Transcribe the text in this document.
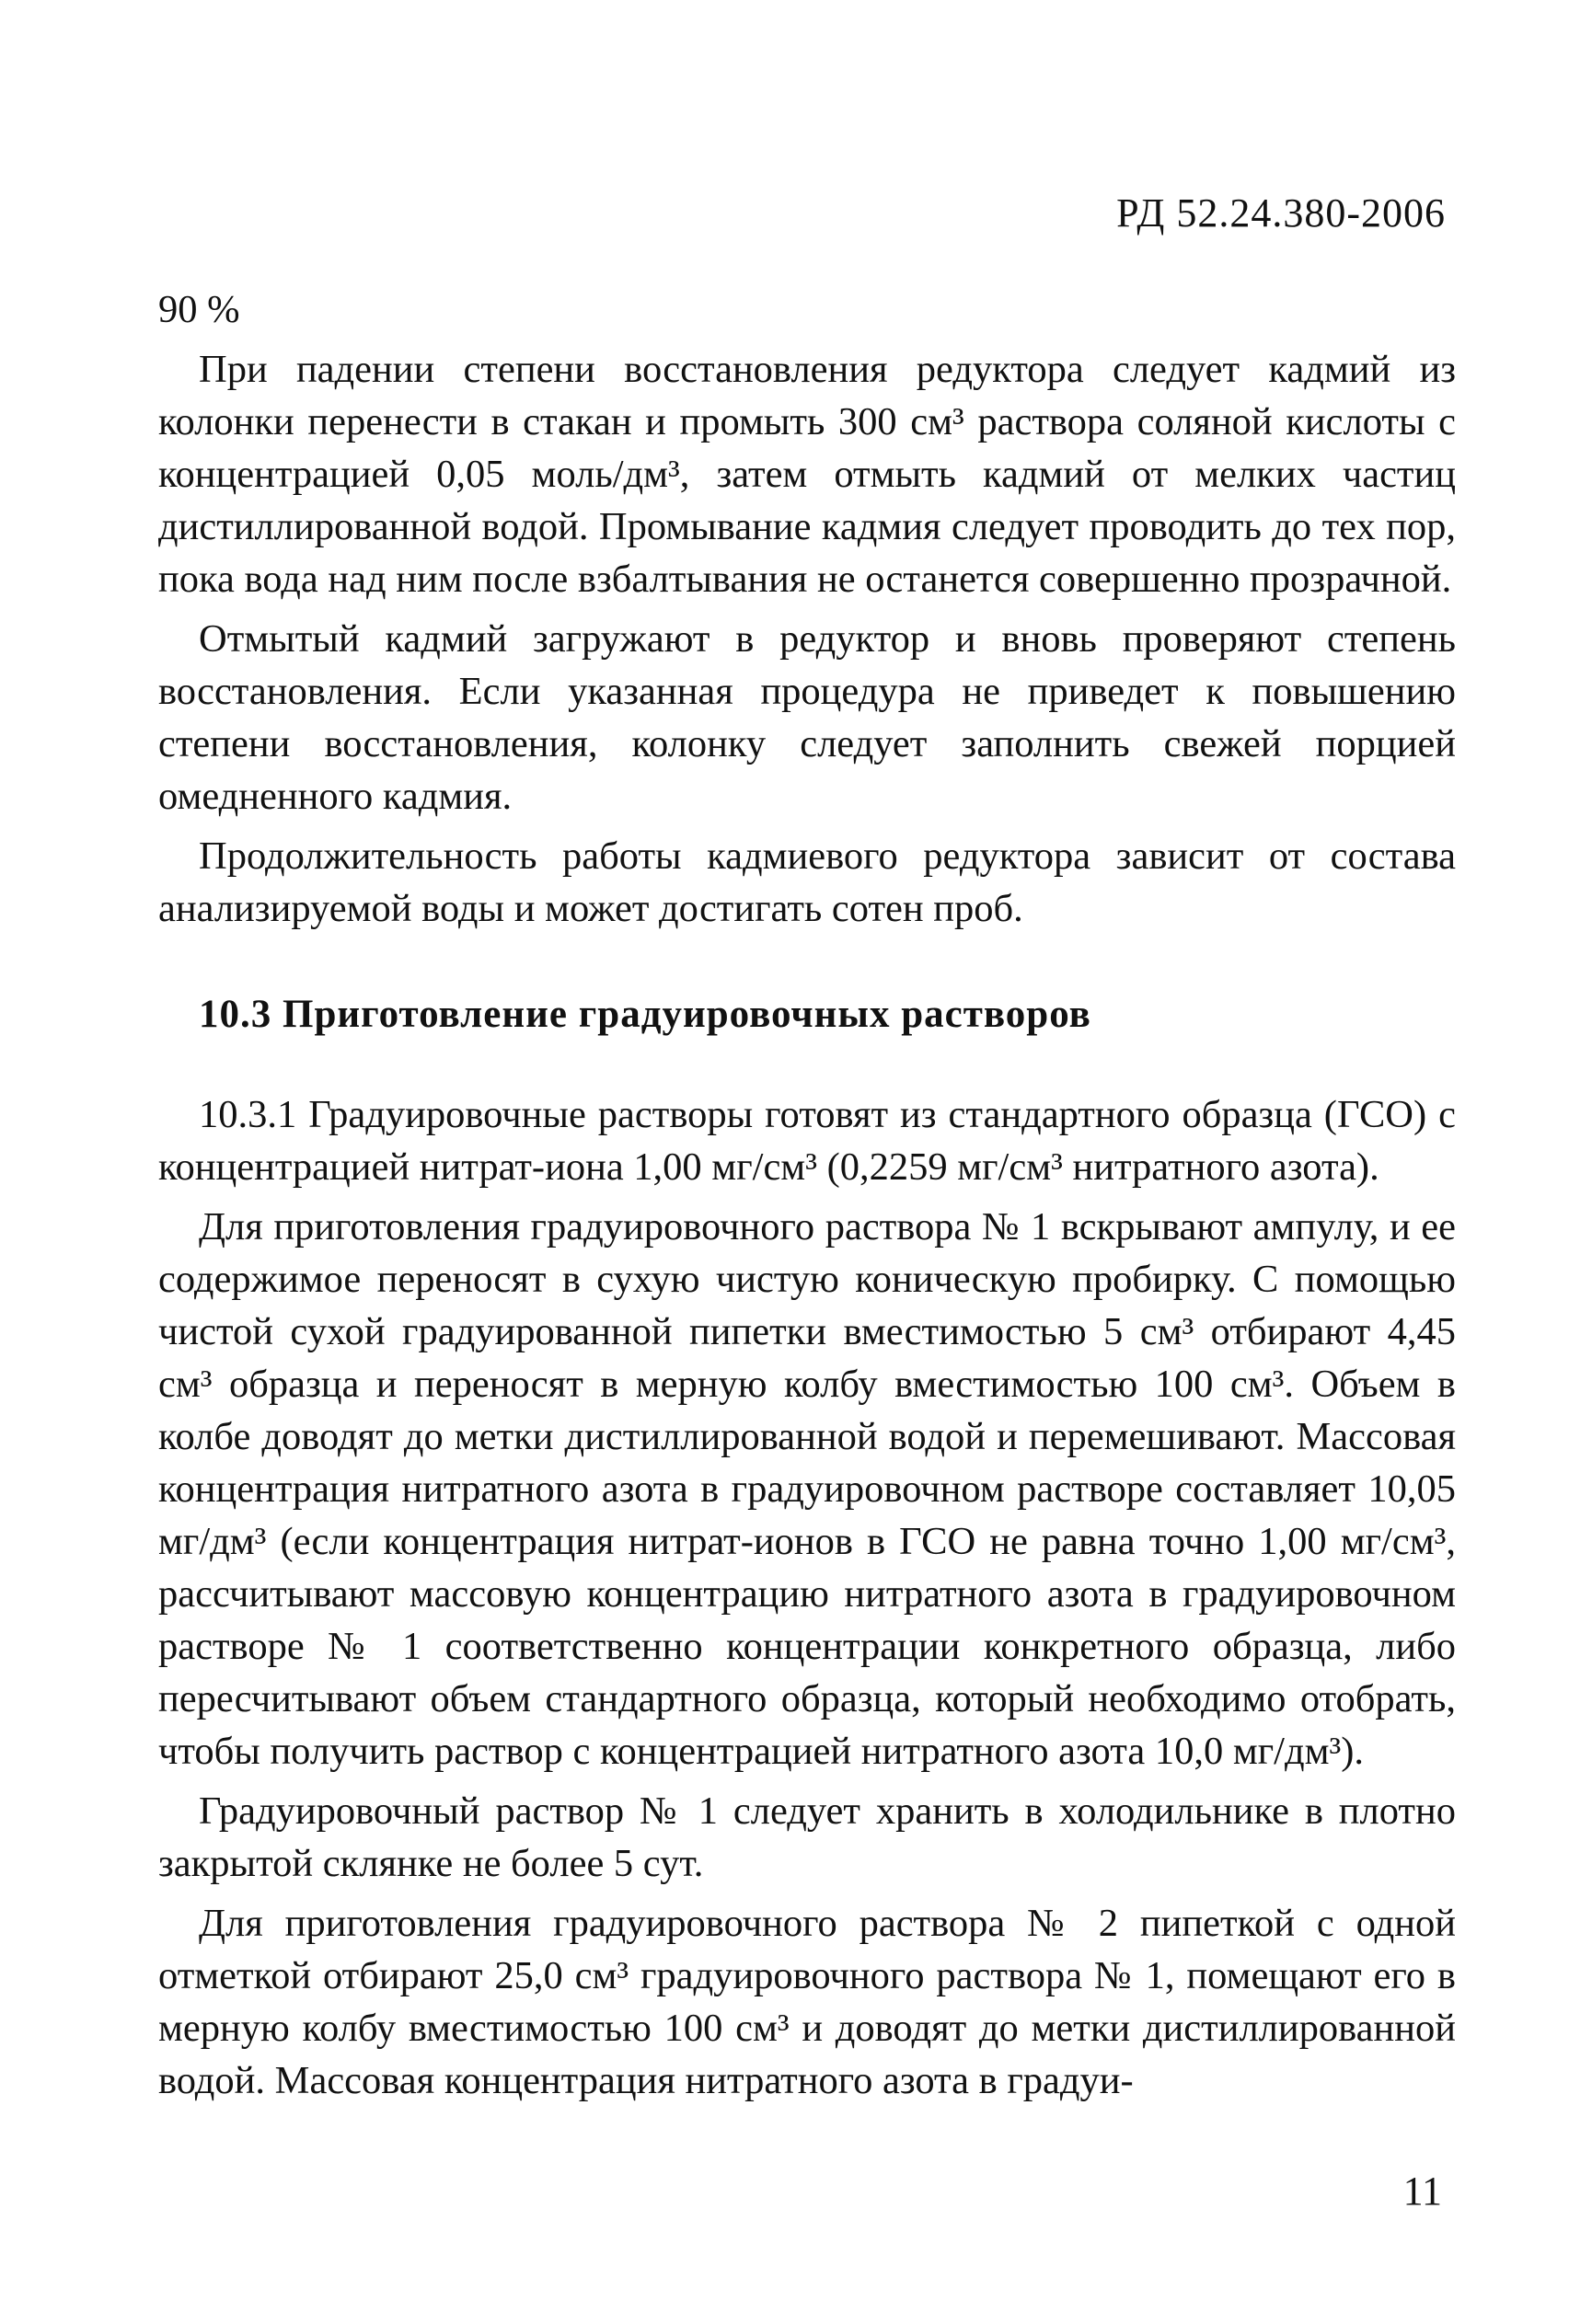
РД 52.24.380-2006

90 %

При падении степени восстановления редуктора следует кадмий из колонки перенести в стакан и промыть 300 см³ раствора соляной кислоты с концентрацией 0,05 моль/дм³, затем отмыть кадмий от мелких частиц дистиллированной водой. Промывание кадмия следует проводить до тех пор, пока вода над ним после взбалтывания не останется совершенно прозрачной.

Отмытый кадмий загружают в редуктор и вновь проверяют степень восстановления. Если указанная процедура не приведет к повышению степени восстановления, колонку следует заполнить свежей порцией омедненного кадмия.

Продолжительность работы кадмиевого редуктора зависит от состава анализируемой воды и может достигать сотен проб.

10.3 Приготовление градуировочных растворов

10.3.1 Градуировочные растворы готовят из стандартного образца (ГСО) с концентрацией нитрат-иона 1,00 мг/см³ (0,2259 мг/см³ нитратного азота).

Для приготовления градуировочного раствора № 1 вскрывают ампулу, и ее содержимое переносят в сухую чистую коническую пробирку. С помощью чистой сухой градуированной пипетки вместимостью 5 см³ отбирают 4,45 см³ образца и переносят в мерную колбу вместимостью 100 см³. Объем в колбе доводят до метки дистиллированной водой и перемешивают. Массовая концентрация нитратного азота в градуировочном растворе составляет 10,05 мг/дм³ (если концентрация нитрат-ионов в ГСО не равна точно 1,00 мг/см³, рассчитывают массовую концентрацию нитратного азота в градуировочном растворе № 1 соответственно концентрации конкретного образца, либо пересчитывают объем стандартного образца, который необходимо отобрать, чтобы получить раствор с концентрацией нитратного азота 10,0 мг/дм³).

Градуировочный раствор № 1 следует хранить в холодильнике в плотно закрытой склянке не более 5 сут.

Для приготовления градуировочного раствора № 2 пипеткой с одной отметкой отбирают 25,0 см³ градуировочного раствора № 1, помещают его в мерную колбу вместимостью 100 см³ и доводят до метки дистиллированной водой. Массовая концентрация нитратного азота в градуи-

11
